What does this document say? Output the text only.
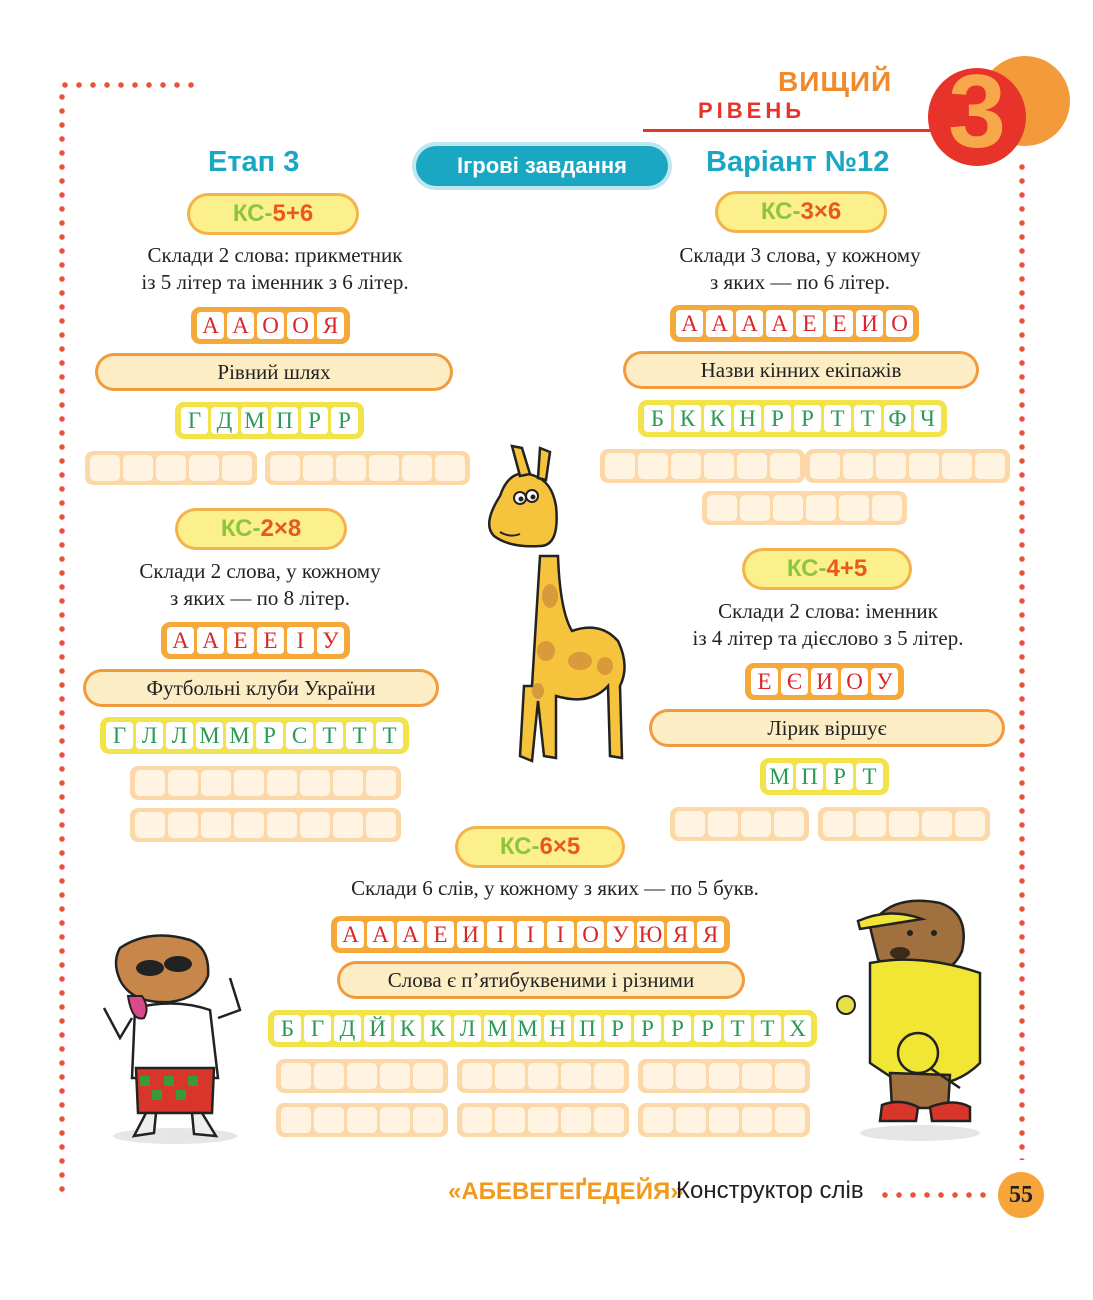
ВИЩИЙ
РІВЕНЬ 3
Етап 3	Ігрові завдання	Варіант №12
КС-5+6
Склади 2 слова: прикметник
із 5 літер та іменник з 6 літер.
А А О О Я
Рівний шлях
Г Д М П Р Р
КС-3×6
Склади 3 слова, у кожному
з яких — по 6 літер.
А А А А Е Е И О
Назви кінних екіпажів
Б К К Н Р Р Т Т Ф Ч
КС-2×8
Склади 2 слова, у кожному
з яких — по 8 літер.
А А Е Е І У
Футбольні клуби України
Г Л Л М М Р С Т Т Т
КС-4+5
Склади 2 слова: іменник
із 4 літер та дієслово з 5 літер.
Е Є И О У
Лірик віршує
М П Р Т
КС-6×5
Склади 6 слів, у кожному з яких — по 5 букв.
А А А Е И І І І О У Ю Я Я
Слова є п’ятибуквеними і різними
Б Г Д Й К К Л М М Н П Р Р Р Р Т Т Х
«АБЕВЕГЕҐЕДЕЙЯ»
Конструктор слів	55
